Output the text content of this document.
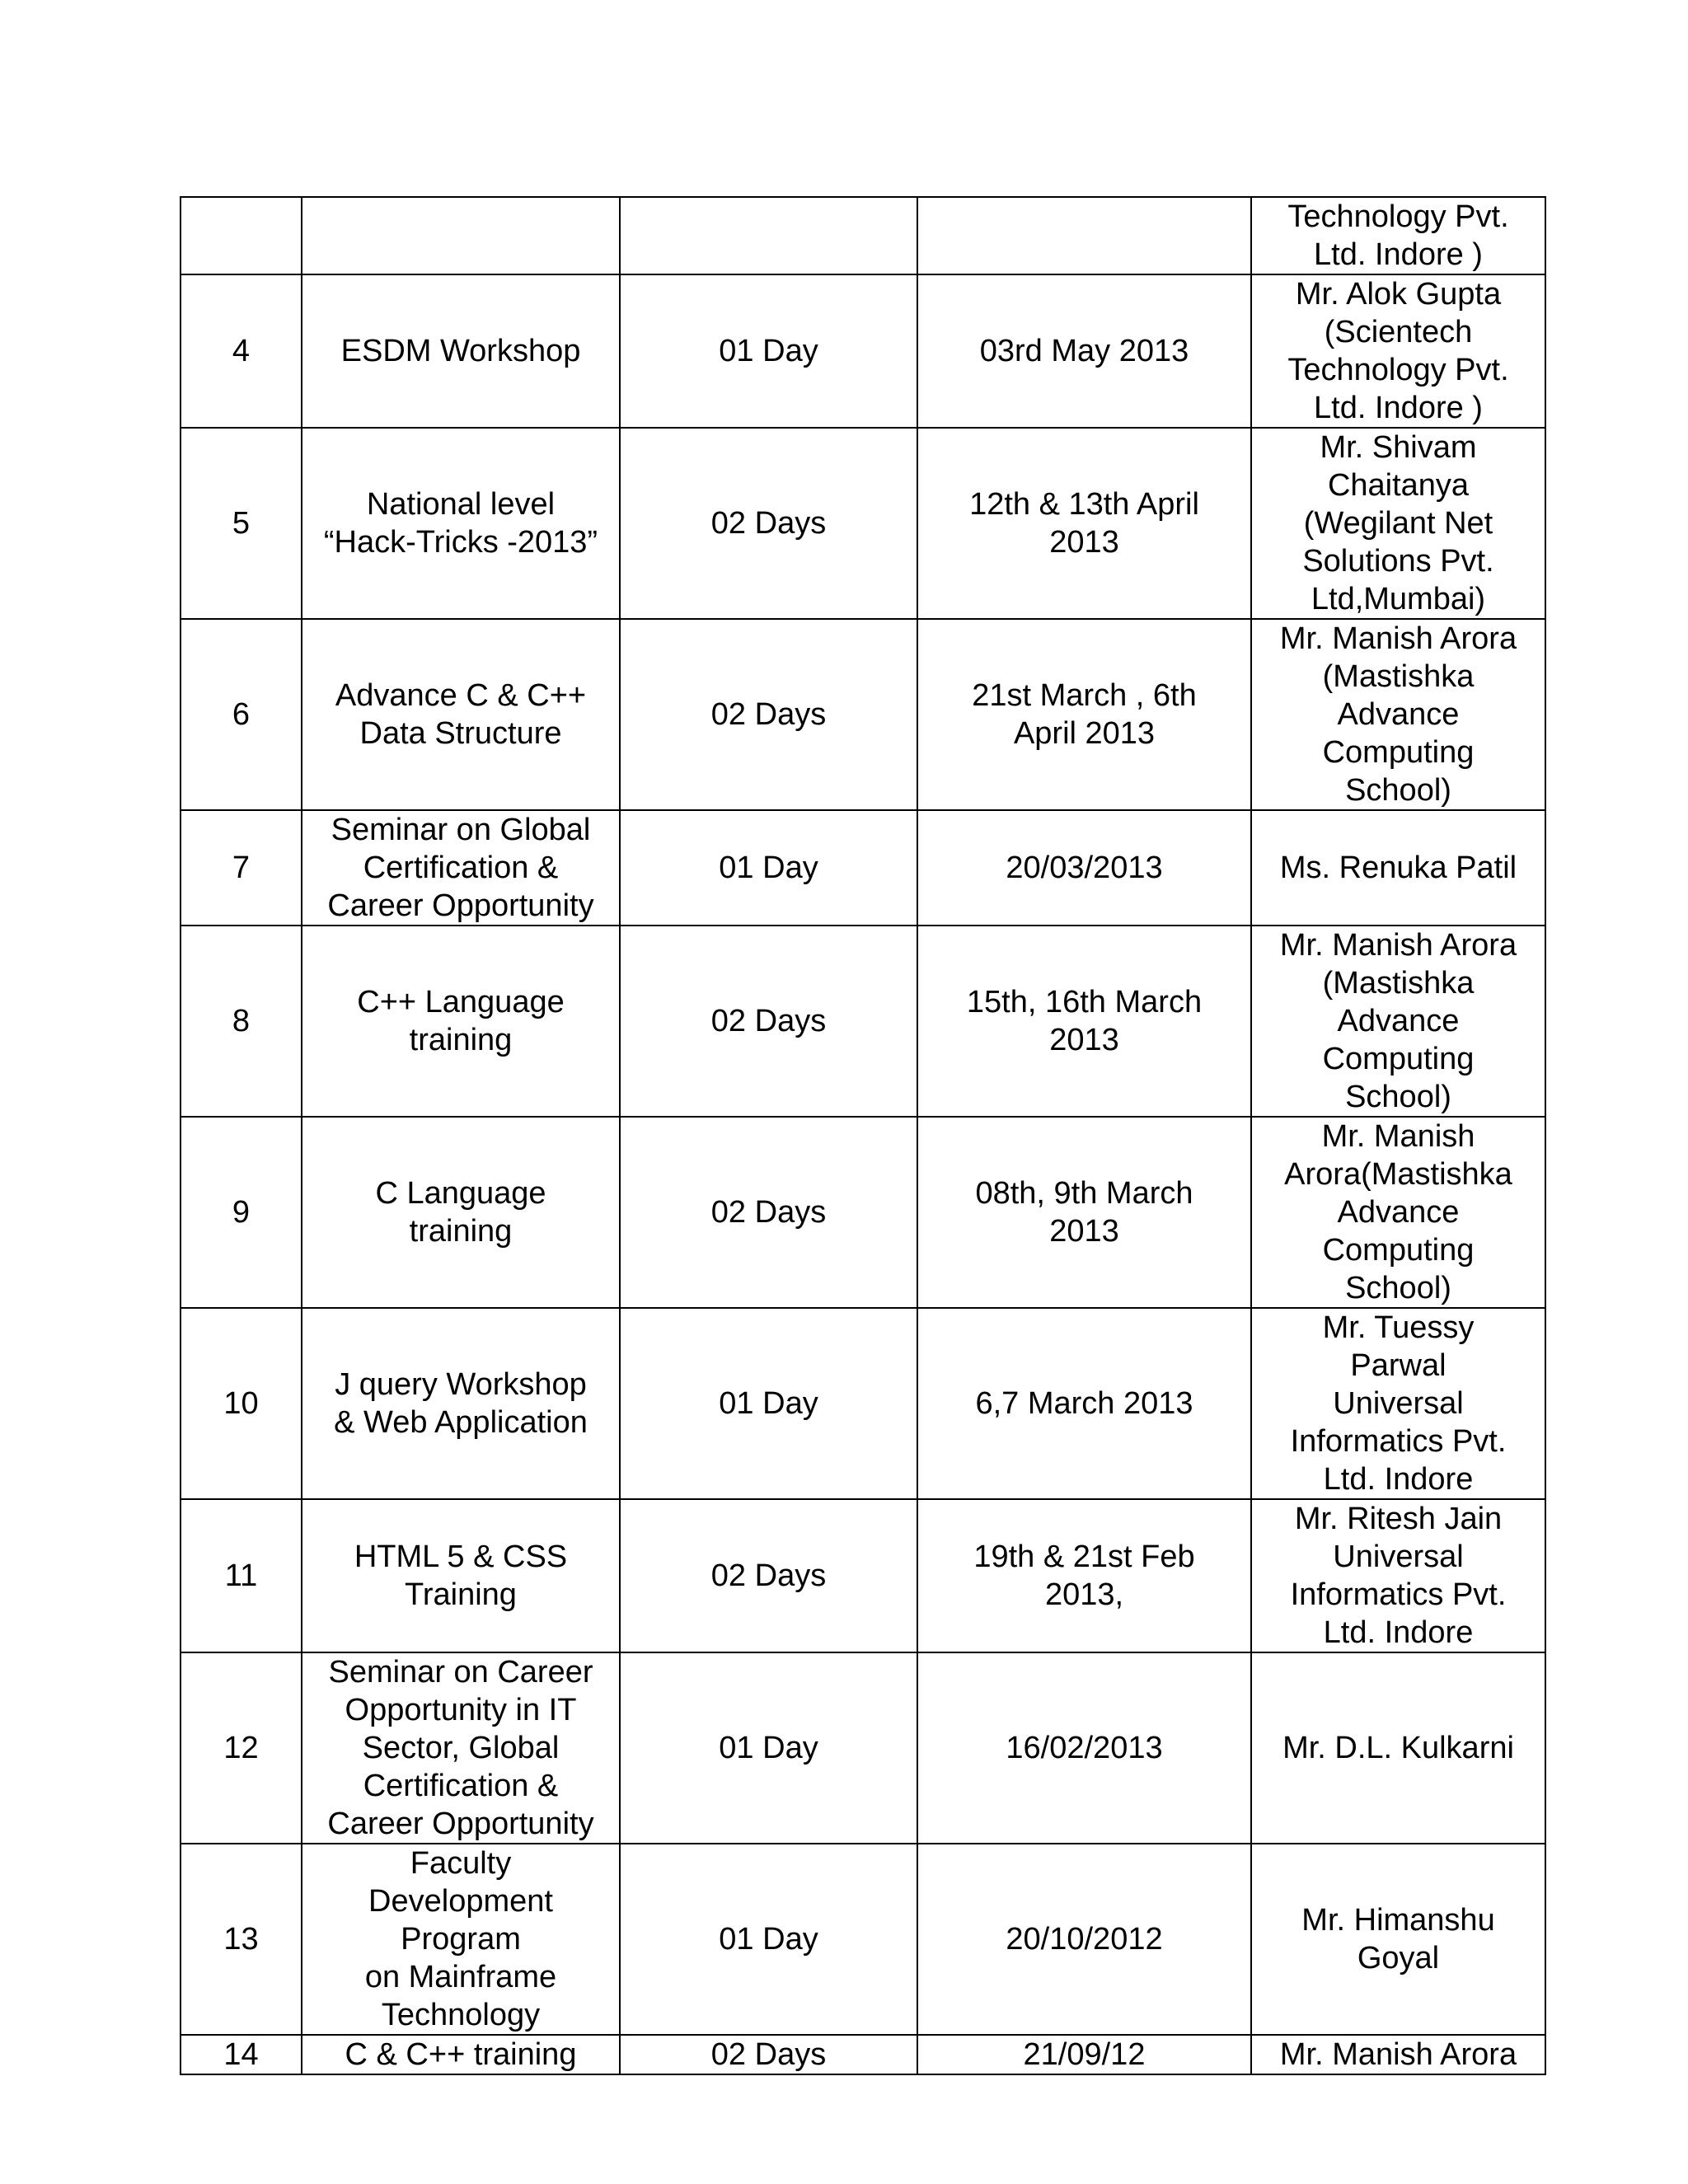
				Technology Pvt.
Ltd. Indore )

4	ESDM Workshop	01 Day	03rd May 2013	Mr. Alok Gupta
(Scientech
Technology Pvt.
Ltd. Indore )

5	National level
“Hack-Tricks -2013”	02 Days	12th & 13th April
2013	Mr. Shivam
Chaitanya
(Wegilant Net
Solutions Pvt.
Ltd,Mumbai)

6	Advance C & C++
Data Structure	02 Days	21st March , 6th
April 2013	Mr. Manish Arora
(Mastishka
Advance
Computing
School)

7	Seminar on Global
Certification &
Career Opportunity	01 Day	20/03/2013	Ms. Renuka Patil

8	C++ Language
training	02 Days	15th, 16th March
2013	Mr. Manish Arora
(Mastishka
Advance
Computing
School)

9	C Language
training	02 Days	08th, 9th March
2013	Mr. Manish
Arora(Mastishka
Advance
Computing
School)

10	J query Workshop
& Web Application	01 Day	6,7 March 2013	Mr. Tuessy
Parwal
Universal
Informatics Pvt.
Ltd. Indore

11	HTML 5 & CSS
Training	02 Days	19th & 21st Feb
2013,	Mr. Ritesh Jain
Universal
Informatics Pvt.
Ltd. Indore

12	Seminar on Career
Opportunity in IT
Sector, Global
Certification &
Career Opportunity	01 Day	16/02/2013	Mr. D.L. Kulkarni

13	Faculty
Development
Program
on Mainframe
Technology	01 Day	20/10/2012	Mr. Himanshu
Goyal

14	C & C++ training	02 Days	21/09/12	Mr. Manish Arora
